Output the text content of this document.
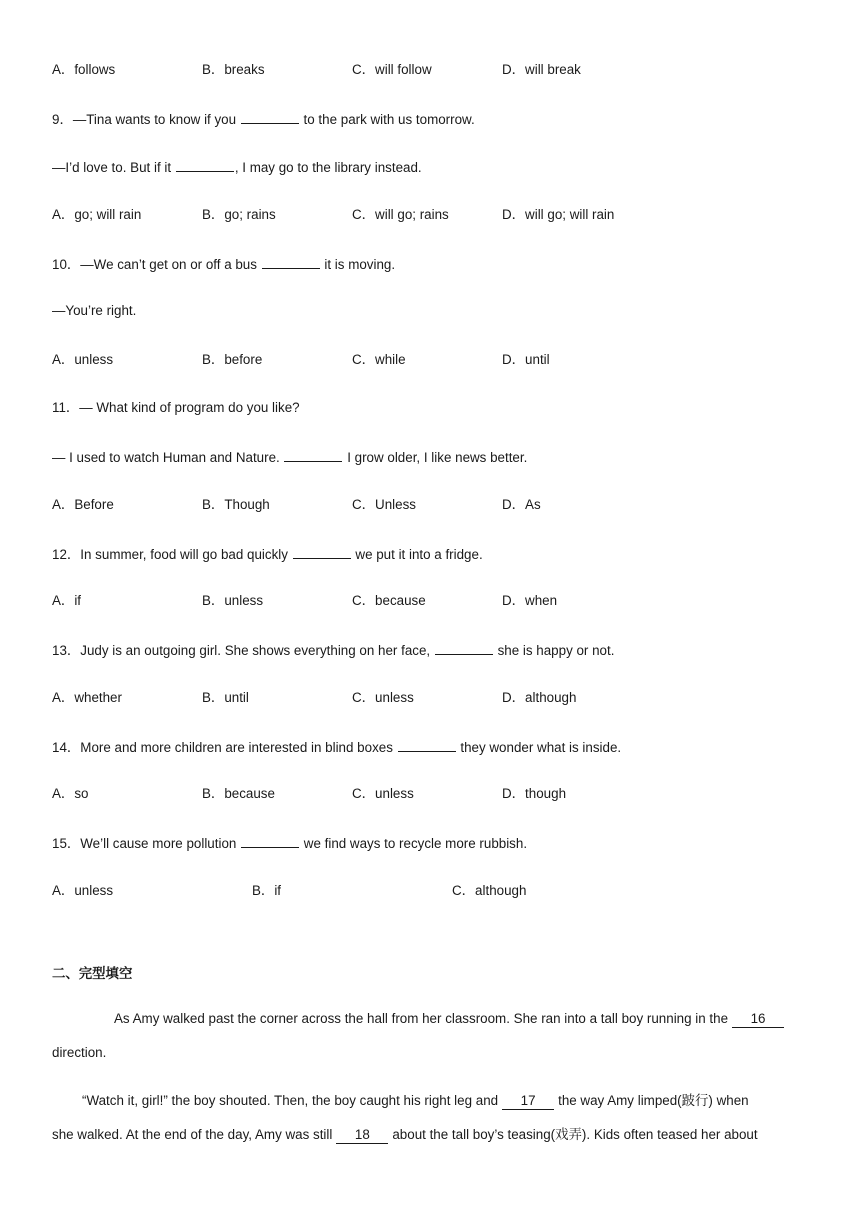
A．follows	B．breaks	C．will follow	D．will break
9．—Tina wants to know if you	to the park with us tomorrow.
—I’d love to. But if it	, I may go to the library instead.
A．go; will rain	B．go; rains	C．will go; rains	D．will go; will rain
10．—We can’t get on or off a bus	it is moving.
—You’re right.
A．unless	B．before	C．while	D．until
11．— What kind of program do you like?
— I used to watch Human and Nature.	I grow older, I like news better.
A．Before	B．Though	C．Unless	D．As
12．In summer, food will go bad quickly	we put it into a fridge.
A．if	B．unless	C．because	D．when
13．Judy is an outgoing girl. She shows everything on her face,	she is happy or not.
A．whether	B．until	C．unless	D．although
14．More and more children are interested in blind boxes	they wonder what is inside.
A．so	B．because	C．unless	D．though
15．We’ll cause more pollution	we find ways to recycle more rubbish.
A．unless	B．if	C．although
二、完型填空
As Amy walked past the corner across the hall from her classroom. She ran into a tall boy running in the 16
direction.
“Watch it, girl!” the boy shouted. Then, the boy caught his right leg and 17 the way Amy limped(跛行) when
she walked. At the end of the day, Amy was still 18 about the tall boy’s teasing(戏弄). Kids often teased her about
